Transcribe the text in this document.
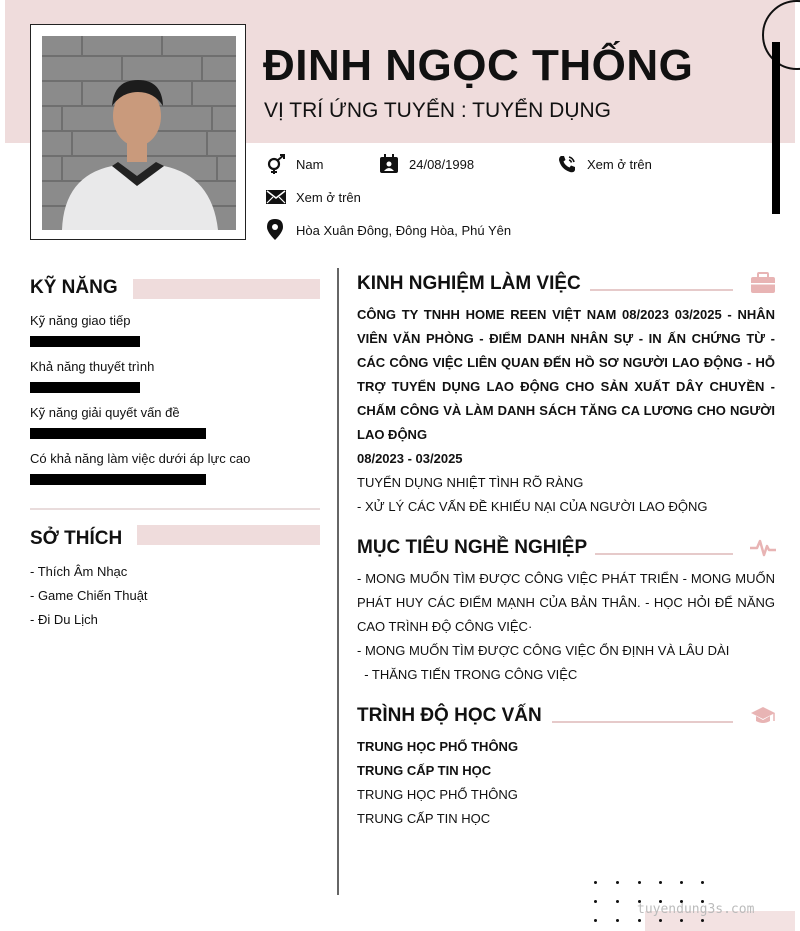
ĐINH NGỌC THỐNG
VỊ TRÍ ỨNG TUYỂN : TUYỂN DỤNG
Nam	24/08/1998	Xem ở trên
Xem ở trên
Hòa Xuân Đông, Đông Hòa, Phú Yên
KỸ NĂNG
Kỹ năng giao tiếp
Khả năng thuyết trình
Kỹ năng giải quyết vấn đề
Có khả năng làm việc dưới áp lực cao
SỞ THÍCH
- Thích Âm Nhạc
- Game Chiến Thuật
- Đi Du Lịch
KINH NGHIỆM LÀM VIỆC
CÔNG TY TNHH HOME REEN VIỆT NAM 08/2023 03/2025 - NHÂN VIÊN VĂN PHÒNG - ĐIỂM DANH NHÂN SỰ - IN ẤN CHỨNG TỪ - CÁC CÔNG VIỆC LIÊN QUAN ĐẾN HỒ SƠ NGƯỜI LAO ĐỘNG - HỖ TRỢ TUYỂN DỤNG LAO ĐỘNG CHO SẢN XUẤT DÂY CHUYỀN - CHẤM CÔNG VÀ LÀM DANH SÁCH TĂNG CA LƯƠNG CHO NGƯỜI LAO ĐỘNG
08/2023 - 03/2025
TUYỂN DỤNG NHIỆT TÌNH RÕ RÀNG
- XỬ LÝ CÁC VẤN ĐỀ KHIẾU NẠI CỦA NGƯỜI LAO ĐỘNG
MỤC TIÊU NGHỀ NGHIỆP
- MONG MUỐN TÌM ĐƯỢC CÔNG VIỆC PHÁT TRIỂN - MONG MUỐN PHÁT HUY CÁC ĐIỂM MẠNH CỦA BẢN THÂN. - HỌC HỎI ĐỂ NĂNG CAO TRÌNH ĐỘ CÔNG VIỆC·
- MONG MUỐN TÌM ĐƯỢC CÔNG VIỆC ỔN ĐỊNH VÀ LÂU DÀI
- THĂNG TIẾN TRONG CÔNG VIỆC
TRÌNH ĐỘ HỌC VẤN
TRUNG HỌC PHỔ THÔNG
TRUNG CẤP TIN HỌC
TRUNG HỌC PHỔ THÔNG
TRUNG CẤP TIN HỌC
tuyendung3s.com
